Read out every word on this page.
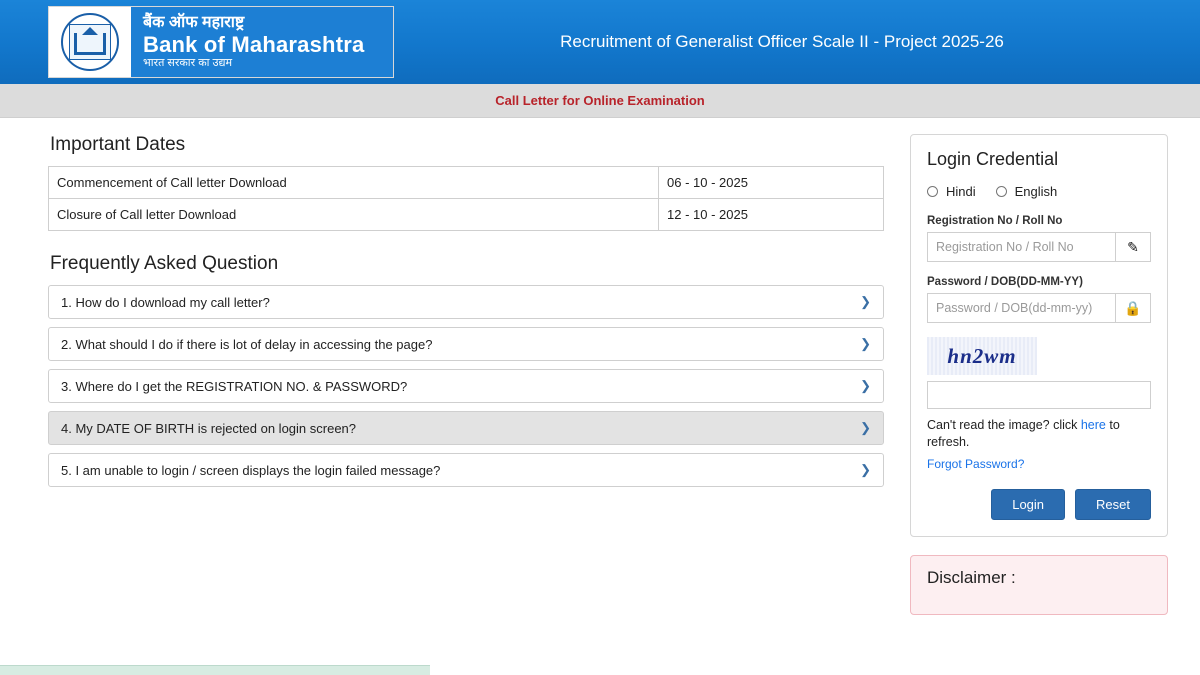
बैंक ऑफ महाराष्ट्र
Bank of Maharashtra
भारत सरकार का उद्यम
Recruitment of Generalist Officer Scale II - Project 2025-26
Call Letter for Online Examination
Important Dates
Commencement of Call letter Download	06 - 10 - 2025
Closure of Call letter Download	12 - 10 - 2025
Frequently Asked Question
1. How do I download my call letter?	❯
2. What should I do if there is lot of delay in accessing the page?	❯
3. Where do I get the REGISTRATION NO. & PASSWORD?	❯
4. My DATE OF BIRTH is rejected on login screen?	❯
5. I am unable to login / screen displays the login failed message?	❯
Login Credential
Hindi	English
Registration No / Roll No
Registration No / Roll No
✎
Password / DOB(DD-MM-YY)
🔒
hn2wm
Can't read the image? click here to refresh.
Forgot Password?
Login	Reset
Disclaimer :
